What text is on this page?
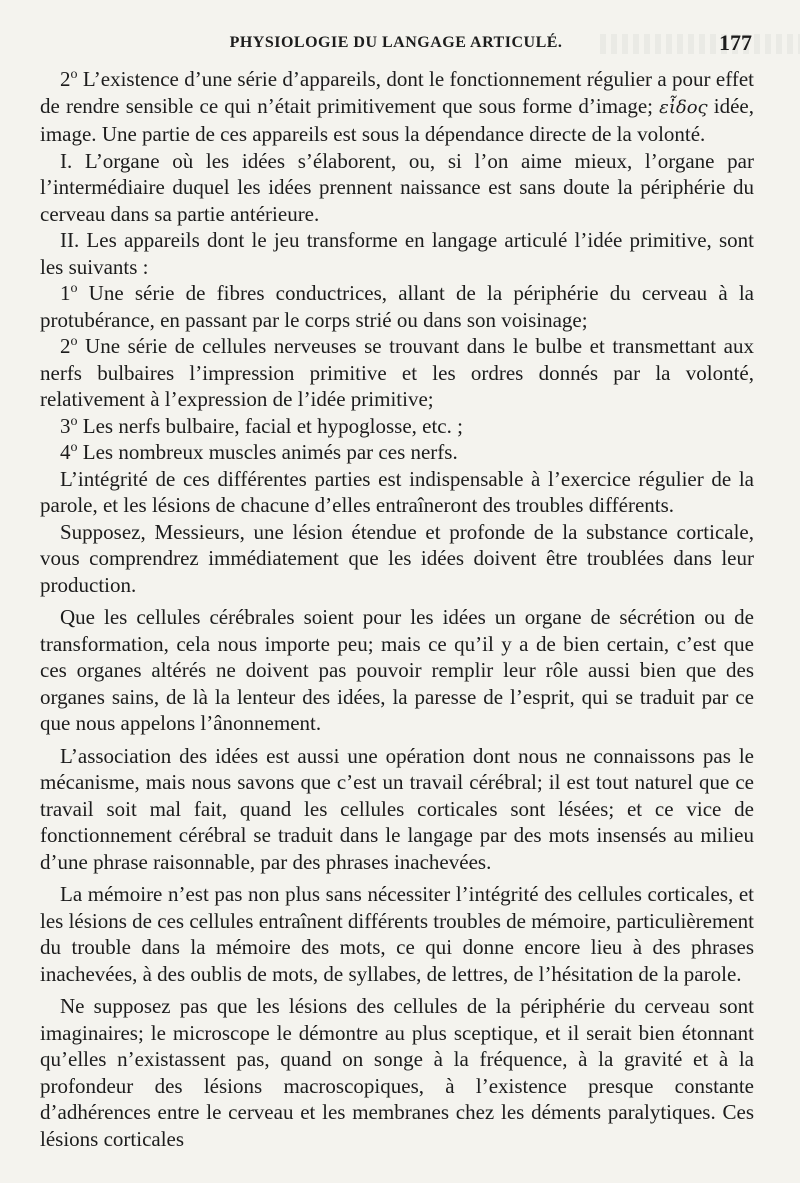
PHYSIOLOGIE DU LANGAGE ARTICULÉ.	177

2$^o$ L’existence d’une série d’appareils, dont le fonctionnement régulier a pour effet de rendre sensible ce qui n’était primitivement que sous forme d’image; εἶδος idée, image. Une partie de ces appareils est sous la dépendance directe de la volonté.

I. L’organe où les idées s’élaborent, ou, si l’on aime mieux, l’organe par l’intermédiaire duquel les idées prennent naissance est sans doute la périphérie du cerveau dans sa partie antérieure.

II. Les appareils dont le jeu transforme en langage articulé l’idée primitive, sont les suivants :

1$^o$ Une série de fibres conductrices, allant de la périphérie du cerveau à la protubérance, en passant par le corps strié ou dans son voisinage;

2$^o$ Une série de cellules nerveuses se trouvant dans le bulbe et transmettant aux nerfs bulbaires l’impression primitive et les ordres donnés par la volonté, relativement à l’expression de l’idée primitive;

3$^o$ Les nerfs bulbaire, facial et hypoglosse, etc. ;

4$^o$ Les nombreux muscles animés par ces nerfs.

L’intégrité de ces différentes parties est indispensable à l’exercice régulier de la parole, et les lésions de chacune d’elles entraîneront des troubles différents.

Supposez, Messieurs, une lésion étendue et profonde de la substance corticale, vous comprendrez immédiatement que les idées doivent être troublées dans leur production.

Que les cellules cérébrales soient pour les idées un organe de sécrétion ou de transformation, cela nous importe peu; mais ce qu’il y a de bien certain, c’est que ces organes altérés ne doivent pas pouvoir remplir leur rôle aussi bien que des organes sains, de là la lenteur des idées, la paresse de l’esprit, qui se traduit par ce que nous appelons l’ânonnement.

L’association des idées est aussi une opération dont nous ne connaissons pas le mécanisme, mais nous savons que c’est un travail cérébral; il est tout naturel que ce travail soit mal fait, quand les cellules corticales sont lésées; et ce vice de fonctionnement cérébral se traduit dans le langage par des mots insensés au milieu d’une phrase raisonnable, par des phrases inachevées.

La mémoire n’est pas non plus sans nécessiter l’intégrité des cellules corticales, et les lésions de ces cellules entraînent différents troubles de mémoire, particulièrement du trouble dans la mémoire des mots, ce qui donne encore lieu à des phrases inachevées, à des oublis de mots, de syllabes, de lettres, de l’hésitation de la parole.

Ne supposez pas que les lésions des cellules de la périphérie du cerveau sont imaginaires; le microscope le démontre au plus sceptique, et il serait bien étonnant qu’elles n’existassent pas, quand on songe à la fréquence, à la gravité et à la profondeur des lésions macroscopiques, à l’existence presque constante d’adhérences entre le cerveau et les membranes chez les déments paralytiques. Ces lésions corticales
